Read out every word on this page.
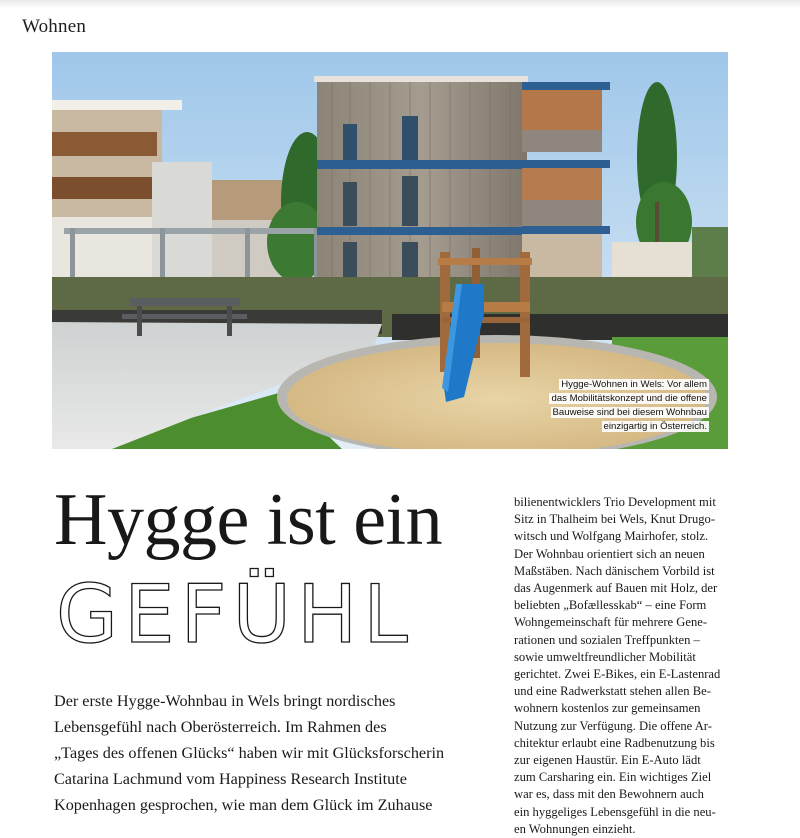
Wohnen
Hygge-Wohnen in Wels: Vor allem
das Mobilitätskonzept und die offene
Bauweise sind bei diesem Wohnbau
einzigartig in Österreich.
Hygge ist ein
GEFÜHL
Der erste Hygge-Wohnbau in Wels bringt nordisches
Lebensgefühl nach Oberösterreich. Im Rahmen des
„Tages des offenen Glücks“ haben wir mit Glücksforscherin
Catarina Lachmund vom Happiness Research Institute
Kopenhagen gesprochen, wie man dem Glück im Zuhause
bilienentwicklers Trio Development mit
Sitz in Thalheim bei Wels, Knut Drugo-
witsch und Wolfgang Mairhofer, stolz.
Der Wohnbau orientiert sich an neuen
Maßstäben. Nach dänischem Vorbild ist
das Augenmerk auf Bauen mit Holz, der
beliebten „Bofællesskab“ – eine Form
Wohngemeinschaft für mehrere Gene-
rationen und sozialen Treffpunkten –
sowie umweltfreundlicher Mobilität
gerichtet. Zwei E-Bikes, ein E-Lastenrad
und eine Radwerkstatt stehen allen Be-
wohnern kostenlos zur gemeinsamen
Nutzung zur Verfügung. Die offene Ar-
chitektur erlaubt eine Radbenutzung bis
zur eigenen Haustür. Ein E-Auto lädt
zum Carsharing ein. Ein wichtiges Ziel
war es, dass mit den Bewohnern auch
ein hyggeliges Lebensgefühl in die neu-
en Wohnungen einzieht.
